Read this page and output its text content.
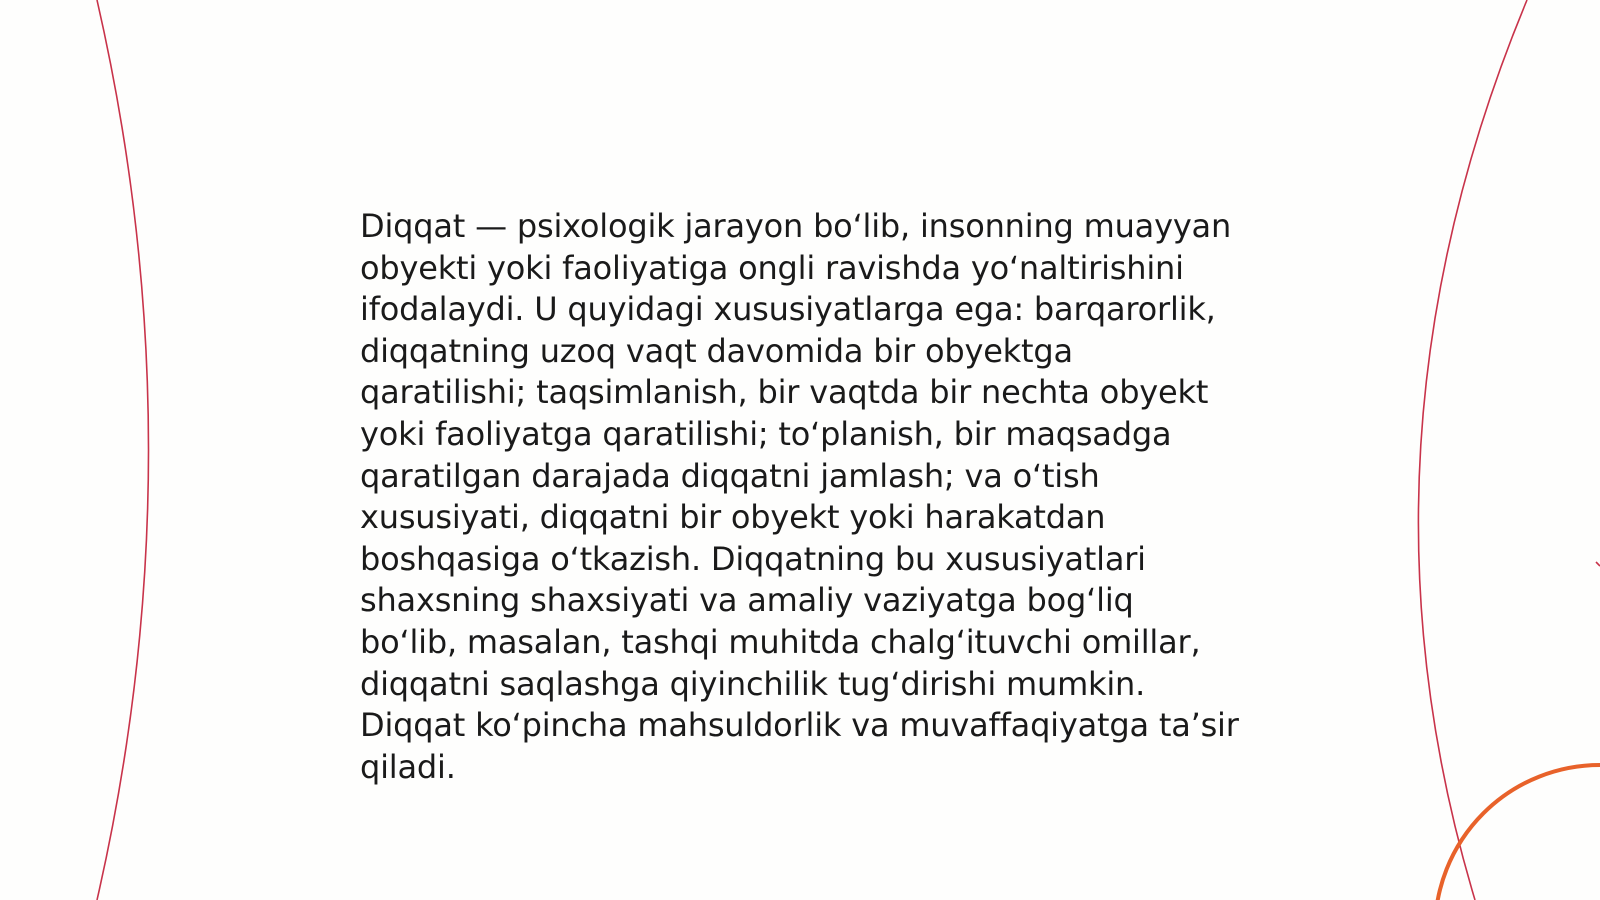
Diqqat — psixologik jarayon bo‘lib, insonning muayyan obyekti yoki faoliyatiga ongli ravishda yo‘naltirishini ifodalaydi. U quyidagi xususiyatlarga ega: barqarorlik, diqqatning uzoq vaqt davomida bir obyektga qaratilishi; taqsimlanish, bir vaqtda bir nechta obyekt yoki faoliyatga qaratilishi; to‘planish, bir maqsadga qaratilgan darajada diqqatni jamlash; va o‘tish xususiyati, diqqatni bir obyekt yoki harakatdan boshqasiga o‘tkazish. Diqqatning bu xususiyatlari shaxsning shaxsiyati va amaliy vaziyatga bog‘liq bo‘lib, masalan, tashqi muhitda chalg‘ituvchi omillar, diqqatni saqlashga qiyinchilik tug‘dirishi mumkin. Diqqat ko‘pincha mahsuldorlik va muvaffaqiyatga ta’sir qiladi.
